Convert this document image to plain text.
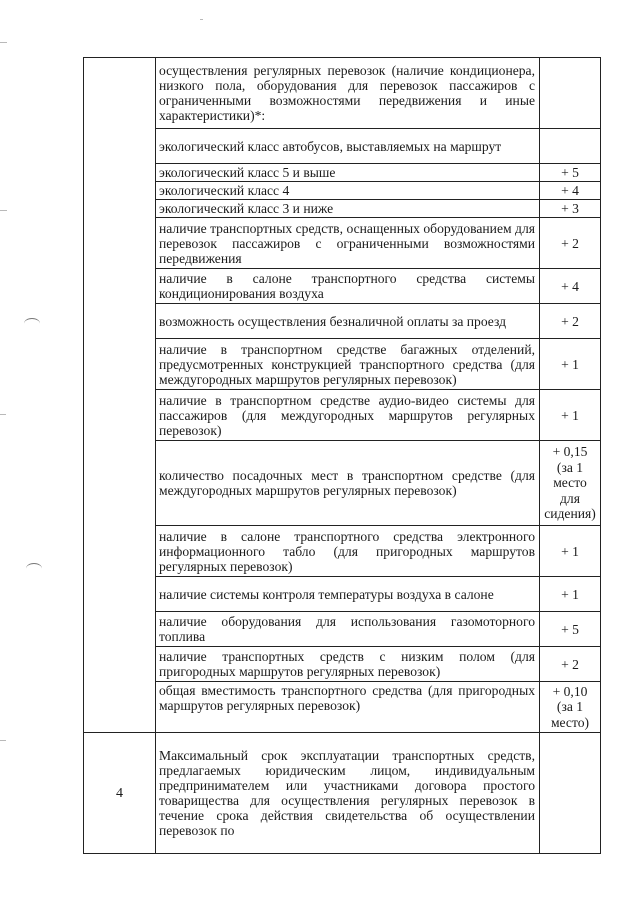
	осуществления регулярных перевозок (наличие кондиционера, низкого пола, оборудования для перевозок пассажиров с ограниченными возможностями передвижения и иные характеристики)*:	
	экологический класс автобусов, выставляемых на маршрут	
	экологический класс 5 и выше	+ 5
	экологический класс 4	+ 4
	экологический класс 3 и ниже	+ 3
	наличие транспортных средств, оснащенных оборудованием для перевозок пассажиров с ограниченными возможностями передвижения	+ 2
	наличие в салоне транспортного средства системы кондиционирования воздуха	+ 4
	возможность осуществления безналичной оплаты за проезд	+ 2
	наличие в транспортном средстве багажных отделений, предусмотренных конструкцией транспортного средства (для междугородных маршрутов регулярных перевозок)	+ 1
	наличие в транспортном средстве аудио-видео системы для пассажиров (для междугородных маршрутов регулярных перевозок)	+ 1
	количество посадочных мест в транспортном средстве (для междугородных маршрутов регулярных перевозок)	+ 0,15
(за 1
место
для
сидения)

	наличие в салоне транспортного средства электронного информационного табло (для пригородных маршрутов регулярных перевозок)	+ 1
	наличие системы контроля температуры воздуха в салоне	+ 1
	наличие оборудования для использования газомоторного топлива	+ 5
	наличие транспортных средств с низким полом (для пригородных маршрутов регулярных перевозок)	+ 2
	общая вместимость транспортного средства (для пригородных маршрутов регулярных перевозок)	+ 0,10
(за 1
место)

4	Максимальный срок эксплуатации транспортных средств, предлагаемых юридическим лицом, индивидуальным предпринимателем или участниками договора простого товарищества для осуществления регулярных перевозок в течение срока действия свидетельства об осуществлении перевозок по	
